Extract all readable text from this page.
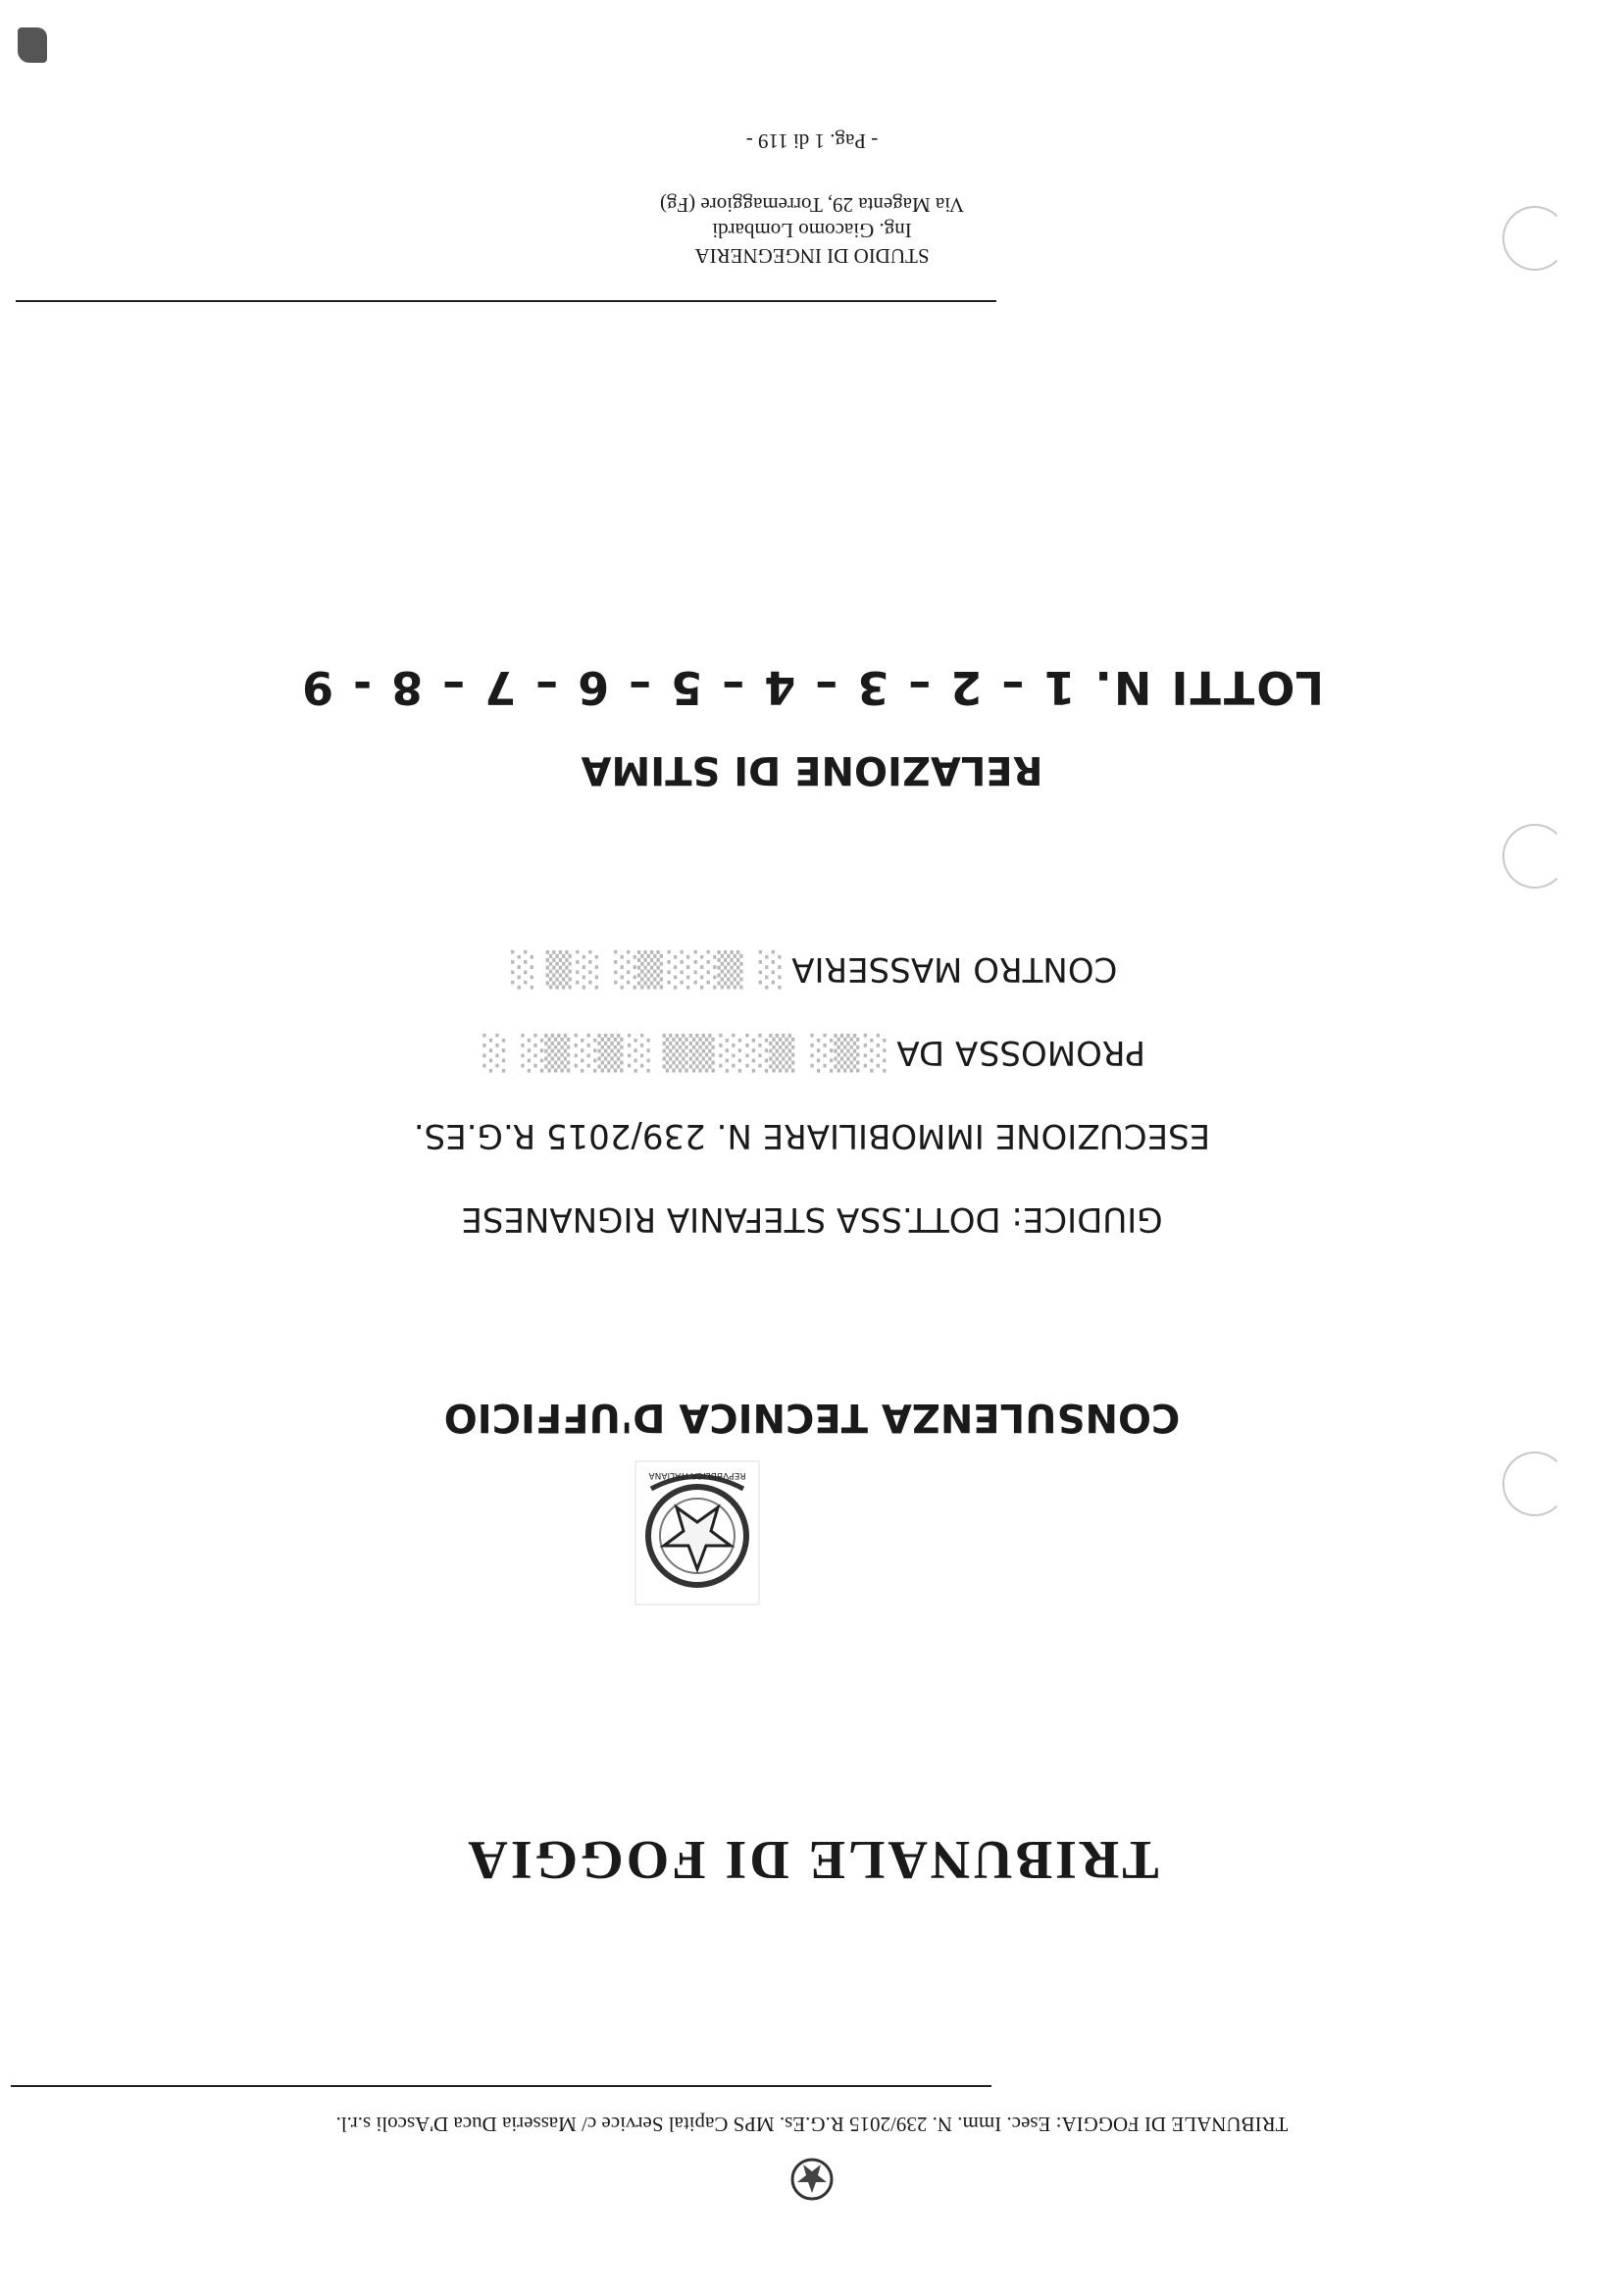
TRIBUNALE DI FOGGIA: Esec. Imm. N. 239/2015 R.G.Es. MPS Capital Service c/ Masseria Duca D'Ascoli s.r.l.
TRIBUNALE DI FOGGIA
REPVBBLICA ITALIANA
CONSULENZA TECNICA D'UFFICIO
GIUDICE: DOTT.SSA STEFANIA RIGNANESE
ESECUZIONE IMMOBILIARE N. 239/2015 R.G.ES.
PROMOSSA DA ░▒░ ▒░░▒▒ ░▒░▒░ ░
CONTRO MASSERIA ░ ▒░░▒░ ░▒ ░
RELAZIONE DI STIMA
LOTTI N. 1 – 2 – 3 – 4 – 5 – 6 – 7 – 8 - 9
STUDIO DI INGEGNERIA
Ing. Giacomo Lombardi
Via Magenta 29, Torremaggiore (Fg)
- Pag. 1 di 119 -
